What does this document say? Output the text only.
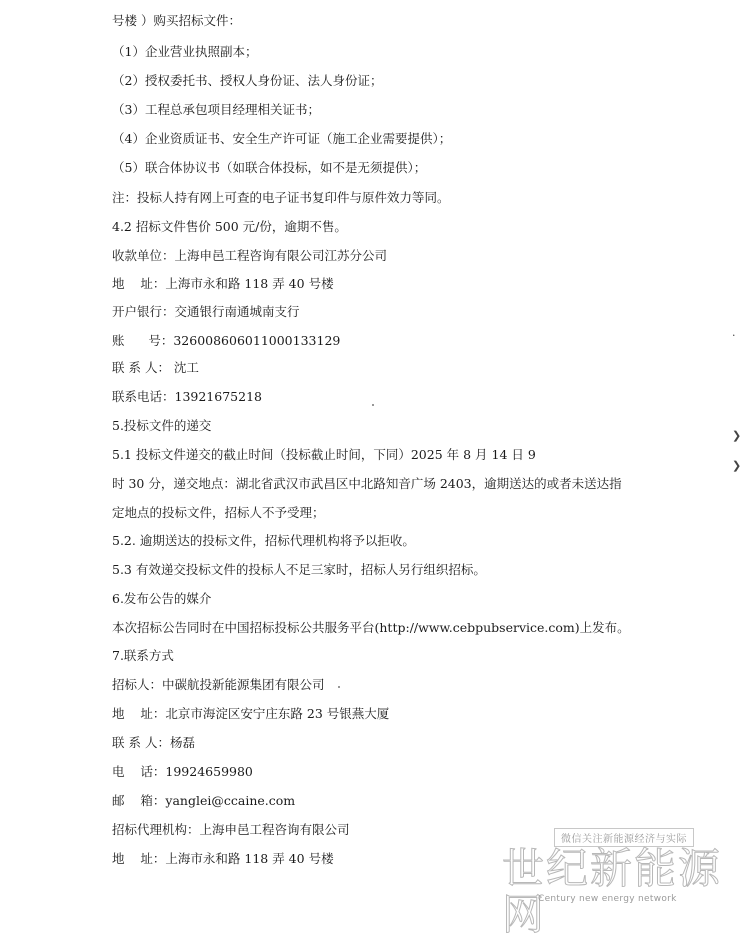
号楼 ）购买招标文件：
（1）企业营业执照副本；
（2）授权委托书、授权人身份证、法人身份证；
（3）工程总承包项目经理相关证书；
（4）企业资质证书、安全生产许可证（施工企业需要提供）；
（5）联合体协议书（如联合体投标，如不是无须提供）；
注：投标人持有网上可查的电子证书复印件与原件效力等同。
4.2 招标文件售价 500 元/份，逾期不售。
收款单位：上海申邑工程咨询有限公司江苏分公司
地    址：上海市永和路 118 弄 40 号楼
开户银行：交通银行南通城南支行
账      号：326008606011000133129
联 系 人： 沈工
联系电话：13921675218
5.投标文件的递交
5.1 投标文件递交的截止时间（投标截止时间，下同）2025 年 8 月 14 日 9
时 30 分，递交地点：湖北省武汉市武昌区中北路知音广场 2403，逾期送达的或者未送达指
定地点的投标文件，招标人不予受理；
5.2. 逾期送达的投标文件，招标代理机构将予以拒收。
5.3 有效递交投标文件的投标人不足三家时，招标人另行组织招标。
6.发布公告的媒介
本次招标公告同时在中国招标投标公共服务平台(http://www.cebpubservice.com)上发布。
7.联系方式
招标人：中碳航投新能源集团有限公司
地    址：北京市海淀区安宁庄东路 23 号银燕大厦
联 系 人：杨磊
电    话：19924659980
邮    箱：yanglei@ccaine.com
招标代理机构：上海申邑工程咨询有限公司
地    址：上海市永和路 118 弄 40 号楼
❯
❯
·
微信关注新能源经济与实际
世纪新能源网
Century new energy network
